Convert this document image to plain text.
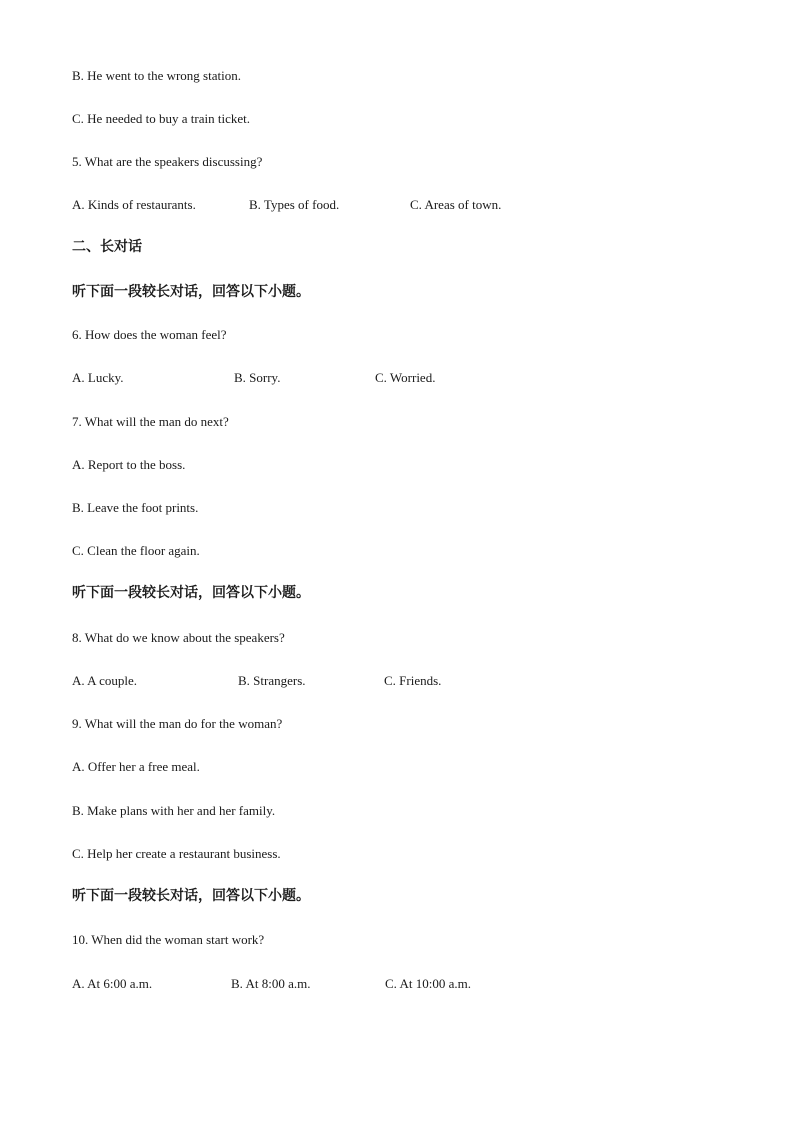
B. He went to the wrong station.
C. He needed to buy a train ticket.
5. What are the speakers discussing?
A. Kinds of restaurants.	B. Types of food.	C. Areas of town.
二、长对话
听下面一段较长对话，回答以下小题。
6. How does the woman feel?
A. Lucky.	B. Sorry.	C. Worried.
7. What will the man do next?
A. Report to the boss.
B. Leave the foot prints.
C. Clean the floor again.
听下面一段较长对话，回答以下小题。
8. What do we know about the speakers?
A. A couple.	B. Strangers.	C. Friends.
9. What will the man do for the woman?
A. Offer her a free meal.
B. Make plans with her and her family.
C. Help her create a restaurant business.
听下面一段较长对话，回答以下小题。
10. When did the woman start work?
A. At 6:00 a.m.	B. At 8:00 a.m.	C. At 10:00 a.m.
